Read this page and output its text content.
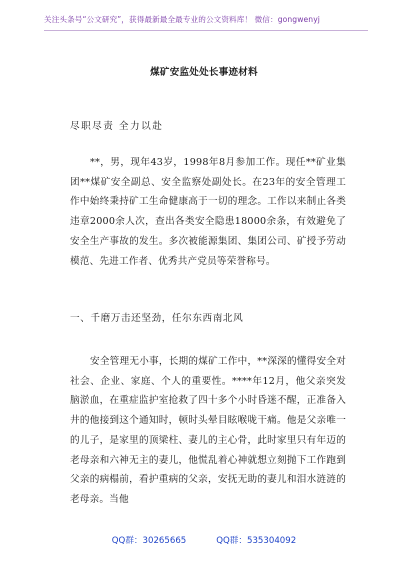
关注头条号“公文研究”，获得最新最全最专业的公文资料库！ 微信：gongwenyj
煤矿安监处处长事迹材料
尽职尽责 全力以赴
**，男，现年43岁，1998年8月参加工作。现任**矿业集团**煤矿安全副总、安全监察处副处长。在23年的安全管理工作中始终秉持矿工生命健康高于一切的理念。工作以来制止各类违章2000余人次，查出各类安全隐患18000余条，有效避免了安全生产事故的发生。多次被能源集团、集团公司、矿授予劳动模范、先进工作者、优秀共产党员等荣誉称号。
一、千磨万击还坚劲，任尔东西南北风
安全管理无小事，长期的煤矿工作中，**深深的懂得安全对社会、企业、家庭、个人的重要性。****年12月，他父亲突发脑淤血，在重症监护室抢救了四十多个小时昏迷不醒，正准备入井的他接到这个通知时，顿时头晕目眩喉咙干痛。他是父亲唯一的儿子，是家里的顶梁柱、妻儿的主心骨，此时家里只有年迈的老母亲和六神无主的妻儿，他慌乱着心神就想立刻抛下工作跑到父亲的病榻前，看护重病的父亲，安抚无助的妻儿和泪水涟涟的老母亲。当他
QQ群：30265665	QQ群：535304092
